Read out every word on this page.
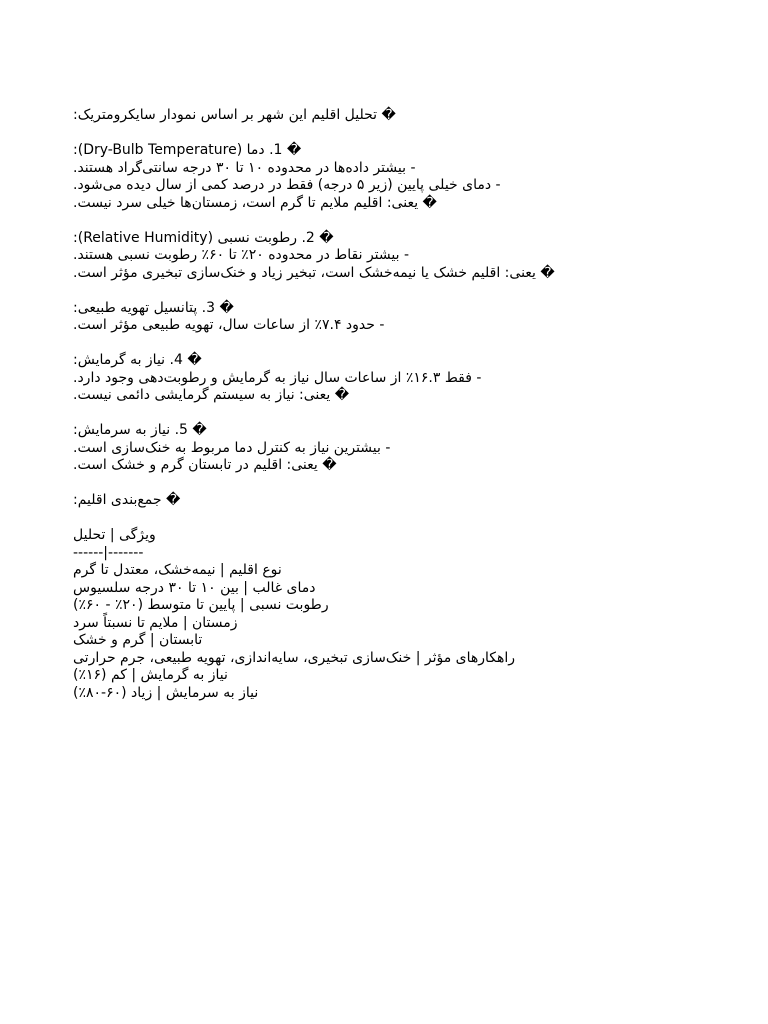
� تحلیل اقلیم این شهر بر اساس نمودار سایکرومتریک:
� 1. دما (Dry-Bulb Temperature):
- بیشتر داده‌ها در محدوده ۱۰ تا ۳۰ درجه سانتی‌گراد هستند.
- دمای خیلی پایین (زیر ۵ درجه) فقط در درصد کمی از سال دیده می‌شود.
� یعنی: اقلیم ملایم تا گرم است، زمستان‌ها خیلی سرد نیست.
� 2. رطوبت نسبی (Relative Humidity):
- بیشتر نقاط در محدوده ۲۰٪ تا ۶۰٪ رطوبت نسبی هستند.
� یعنی: اقلیم خشک یا نیمه‌خشک است، تبخیر زیاد و خنک‌سازی تبخیری مؤثر است.
� 3. پتانسیل تهویه طبیعی:
- حدود ۷.۴٪ از ساعات سال، تهویه طبیعی مؤثر است.
� 4. نیاز به گرمایش:
- فقط ۱۶.۳٪ از ساعات سال نیاز به گرمایش و رطوبت‌دهی وجود دارد.
� یعنی: نیاز به سیستم گرمایشی دائمی نیست.
� 5. نیاز به سرمایش:
- بیشترین نیاز به کنترل دما مربوط به خنک‌سازی است.
� یعنی: اقلیم در تابستان گرم و خشک است.
� جمع‌بندی اقلیم:
ویژگی | تحلیل
------|-------
نوع اقلیم | نیمه‌خشک، معتدل تا گرم
دمای غالب | بین ۱۰ تا ۳۰ درجه سلسیوس
رطوبت نسبی | پایین تا متوسط (۲۰٪ - ۶۰٪)
زمستان | ملایم تا نسبتاً سرد
تابستان | گرم و خشک
راهکارهای مؤثر | خنک‌سازی تبخیری، سایه‌اندازی، تهویه طبیعی، جرم حرارتی
نیاز به گرمایش | کم (۱۶٪)
نیاز به سرمایش | زیاد (۶۰-۸۰٪)
